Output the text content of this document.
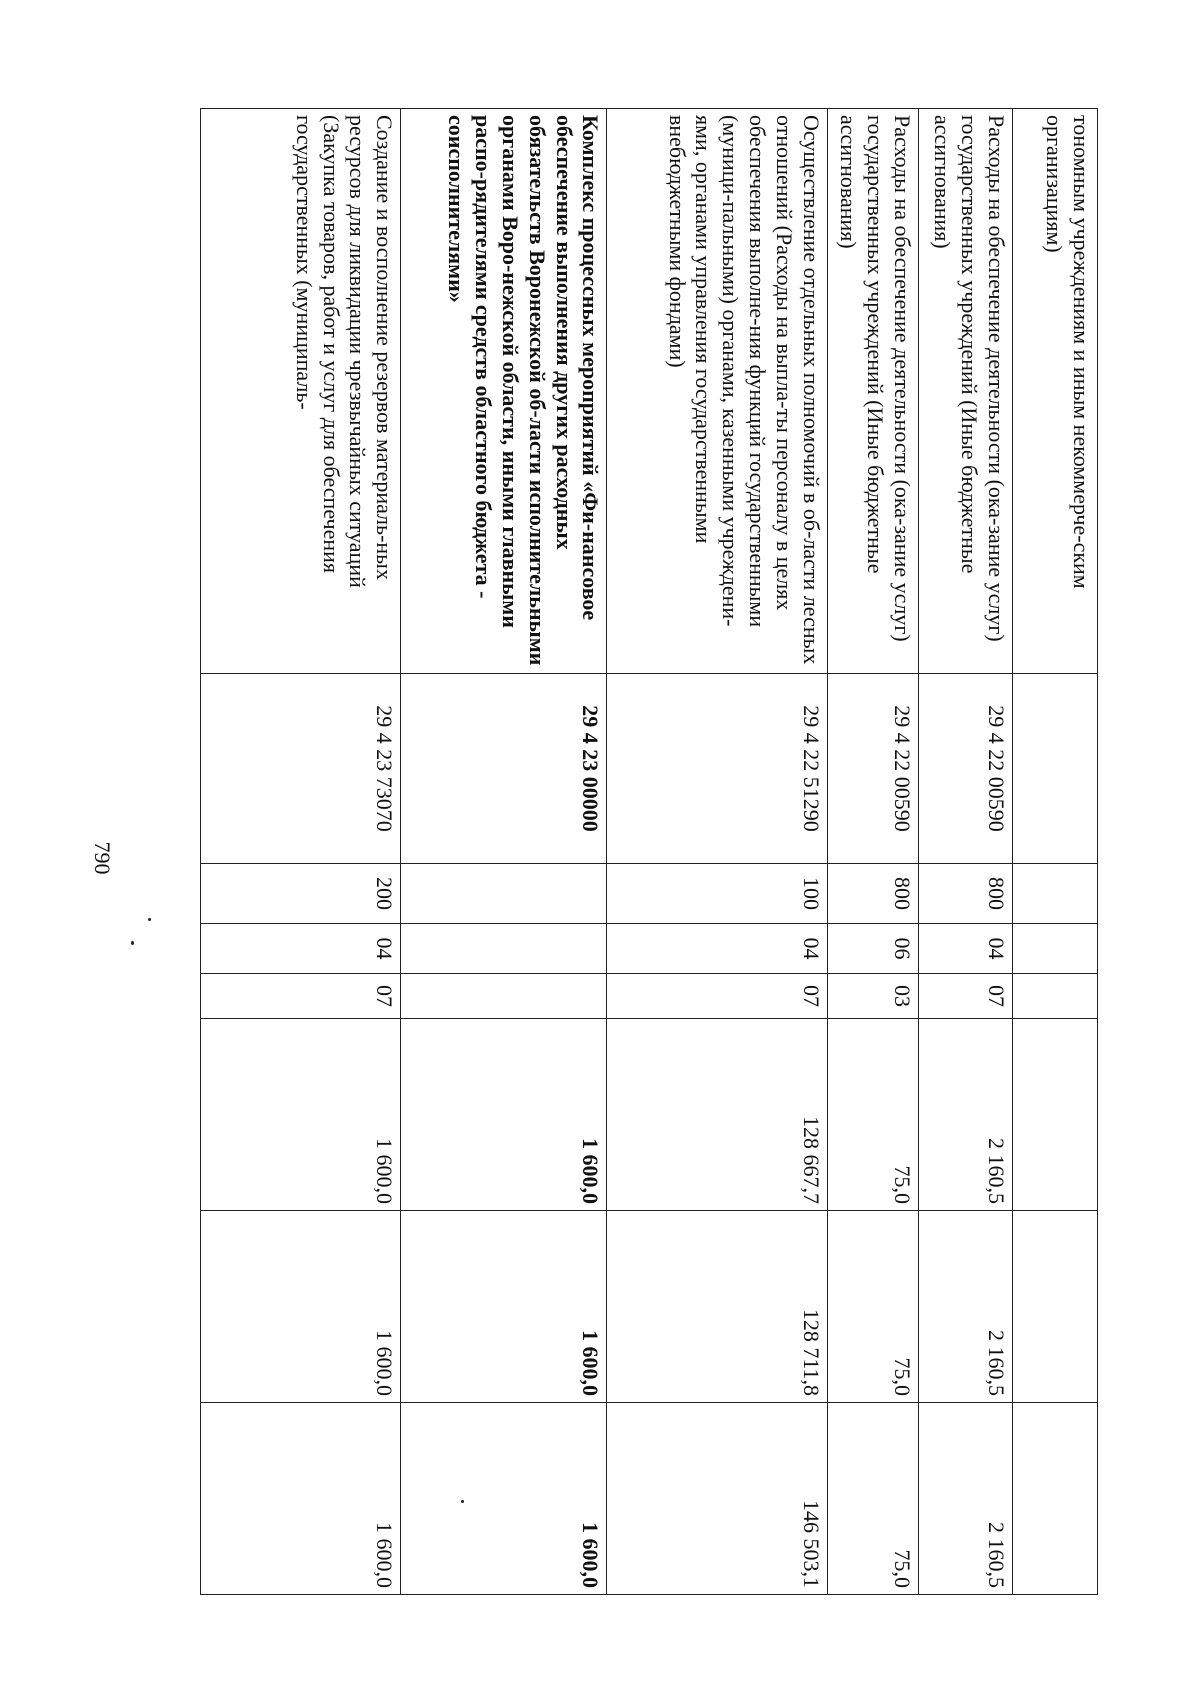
790
тономным учреждениям и иным некоммерче-ским организациям)							
Расходы на обеспечение деятельности (ока-зание услуг) государственных учреждений (Иные бюджетные ассигнования)	29 4 22 00590	800	04	07	2 160,5	2 160,5	2 160,5
Расходы на обеспечение деятельности (ока-зание услуг) государственных учреждений (Иные бюджетные ассигнования)	29 4 22 00590	800	06	03	75,0	75,0	75,0
Осуществление отдельных полномочий в об-ласти лесных отношений (Расходы на выпла-ты персоналу в целях обеспечения выполне-ния функций государственными (муници-пальными) органами, казенными учреждени-ями, органами управления государственными внебюджетными фондами)	29 4 22 51290	100	04	07	128 667,7	128 711,8	146 503,1
Комплекс процессных мероприятий «Фи-нансовое обеспечение выполнения других расходных обязательств Воронежской об-ласти исполнительными органами Воро-нежской области, иными главными распо-рядителями средств областного бюджета - соисполнителями»	29 4 23 00000				1 600,0	1 600,0	1 600,0
Создание и восполнение резервов материаль-ных ресурсов для ликвидации чрезвычайных ситуаций (Закупка товаров, работ и услуг для обеспечения государственных (муниципаль-	29 4 23 73070	200	04	07	1 600,0	1 600,0	1 600,0
